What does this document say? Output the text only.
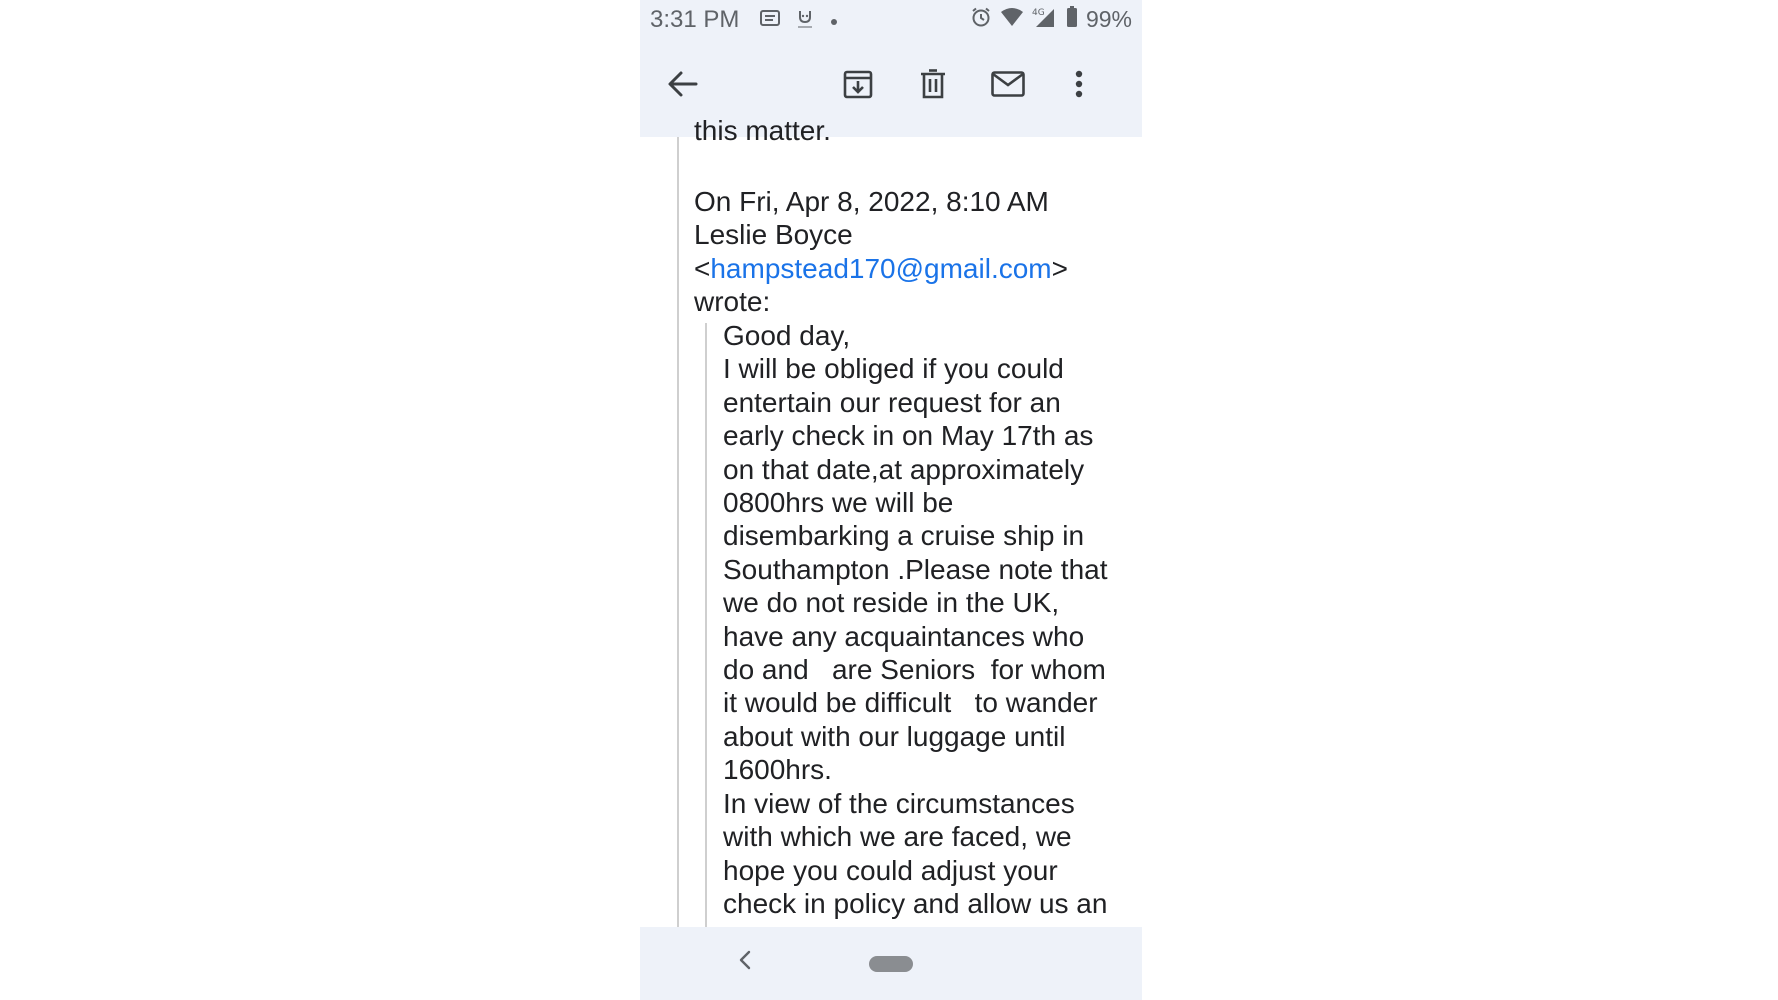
3:31 PM	4G 99%
this matter.
On Fri, Apr 8, 2022, 8:10 AM
Leslie Boyce
<hampstead170@gmail.com>
wrote:
Good day,
I will be obliged if you could
entertain our request for an
early check in on May 17th as
on that date,at approximately
0800hrs we will be
disembarking a cruise ship in
Southampton .Please note that
we do not reside in the UK,
have any acquaintances who
do and   are Seniors  for whom
it would be difficult   to wander
about with our luggage until
1600hrs.
In view of the circumstances
with which we are faced, we
hope you could adjust your
check in policy and allow us an
